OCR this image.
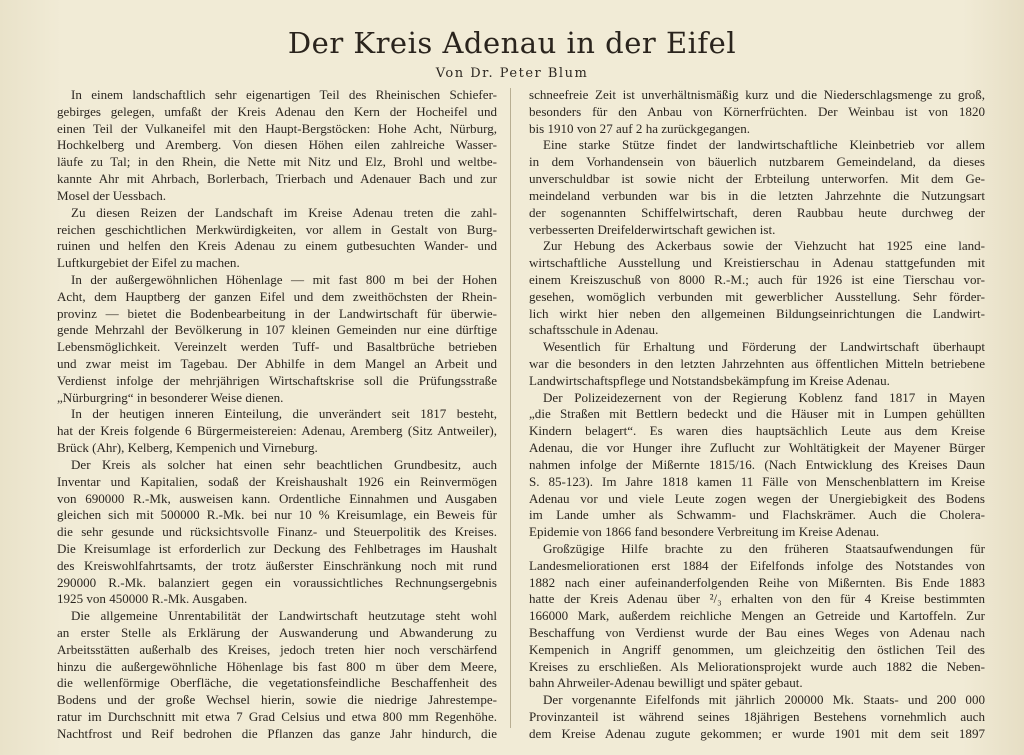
Der Kreis Adenau in der Eifel
Von Dr. Peter Blum
In einem landschaftlich sehr eigenartigen Teil des Rheinischen Schiefer-
gebirges gelegen, umfaßt der Kreis Adenau den Kern der Hocheifel und
einen Teil der Vulkaneifel mit den Haupt-Bergstöcken: Hohe Acht, Nürburg,
Hochkelberg und Aremberg. Von diesen Höhen eilen zahlreiche Wasser-
läufe zu Tal; in den Rhein, die Nette mit Nitz und Elz, Brohl und weltbe-
kannte Ahr mit Ahrbach, Borlerbach, Trierbach und Adenauer Bach und zur
Mosel der Uessbach.
Zu diesen Reizen der Landschaft im Kreise Adenau treten die zahl-
reichen geschichtlichen Merkwürdigkeiten, vor allem in Gestalt von Burg-
ruinen und helfen den Kreis Adenau zu einem gutbesuchten Wander- und
Luftkurgebiet der Eifel zu machen.
In der außergewöhnlichen Höhenlage — mit fast 800 m bei der Hohen
Acht, dem Hauptberg der ganzen Eifel und dem zweithöchsten der Rhein-
provinz — bietet die Bodenbearbeitung in der Landwirtschaft für überwie-
gende Mehrzahl der Bevölkerung in 107 kleinen Gemeinden nur eine dürftige
Lebensmöglichkeit. Vereinzelt werden Tuff- und Basaltbrüche betrieben
und zwar meist im Tagebau. Der Abhilfe in dem Mangel an Arbeit und
Verdienst infolge der mehrjährigen Wirtschaftskrise soll die Prüfungsstraße
„Nürburgring“ in besonderer Weise dienen.
In der heutigen inneren Einteilung, die unverändert seit 1817 besteht,
hat der Kreis folgende 6 Bürgermeistereien: Adenau, Aremberg (Sitz Antweiler),
Brück (Ahr), Kelberg, Kempenich und Virneburg.
Der Kreis als solcher hat einen sehr beachtlichen Grundbesitz, auch
Inventar und Kapitalien, sodaß der Kreishaushalt 1926 ein Reinvermögen
von 690000 R.-Mk, ausweisen kann. Ordentliche Einnahmen und Ausgaben
gleichen sich mit 500000 R.-Mk. bei nur 10 % Kreisumlage, ein Beweis für
die sehr gesunde und rücksichtsvolle Finanz- und Steuerpolitik des Kreises.
Die Kreisumlage ist erforderlich zur Deckung des Fehlbetrages im Haushalt
des Kreiswohlfahrtsamts, der trotz äußerster Einschränkung noch mit rund
290000 R.-Mk. balanziert gegen ein voraussichtliches Rechnungsergebnis
1925 von 450000 R.-Mk. Ausgaben.
Die allgemeine Unrentabilität der Landwirtschaft heutzutage steht wohl
an erster Stelle als Erklärung der Auswanderung und Abwanderung zu
Arbeitsstätten außerhalb des Kreises, jedoch treten hier noch verschärfend
hinzu die außergewöhnliche Höhenlage bis fast 800 m über dem Meere,
die wellenförmige Oberfläche, die vegetationsfeindliche Beschaffenheit des
Bodens und der große Wechsel hierin, sowie die niedrige Jahrestempe-
ratur im Durchschnitt mit etwa 7 Grad Celsius und etwa 800 mm Regenhöhe.
Nachtfrost und Reif bedrohen die Pflanzen das ganze Jahr hindurch, die
schneefreie Zeit ist unverhältnismäßig kurz und die Niederschlagsmenge zu groß,
besonders für den Anbau von Körnerfrüchten. Der Weinbau ist von 1820
bis 1910 von 27 auf 2 ha zurückgegangen.
Eine starke Stütze findet der landwirtschaftliche Kleinbetrieb vor allem
in dem Vorhandensein von bäuerlich nutzbarem Gemeindeland, da dieses
unverschuldbar ist sowie nicht der Erbteilung unterworfen. Mit dem Ge-
meindeland verbunden war bis in die letzten Jahrzehnte die Nutzungsart
der sogenannten Schiffelwirtschaft, deren Raubbau heute durchweg der
verbesserten Dreifelderwirtschaft gewichen ist.
Zur Hebung des Ackerbaus sowie der Viehzucht hat 1925 eine land-
wirtschaftliche Ausstellung und Kreistierschau in Adenau stattgefunden mit
einem Kreiszuschuß von 8000 R.-M.; auch für 1926 ist eine Tierschau vor-
gesehen, womöglich verbunden mit gewerblicher Ausstellung. Sehr förder-
lich wirkt hier neben den allgemeinen Bildungseinrichtungen die Landwirt-
schaftsschule in Adenau.
Wesentlich für Erhaltung und Förderung der Landwirtschaft überhaupt
war die besonders in den letzten Jahrzehnten aus öffentlichen Mitteln betriebene
Landwirtschaftspflege und Notstandsbekämpfung im Kreise Adenau.
Der Polizeidezernent von der Regierung Koblenz fand 1817 in Mayen
„die Straßen mit Bettlern bedeckt und die Häuser mit in Lumpen gehüllten
Kindern belagert“. Es waren dies hauptsächlich Leute aus dem Kreise
Adenau, die vor Hunger ihre Zuflucht zur Wohltätigkeit der Mayener Bürger
nahmen infolge der Mißernte 1815/16. (Nach Entwicklung des Kreises Daun
S. 85-123). Im Jahre 1818 kamen 11 Fälle von Menschenblattern im Kreise
Adenau vor und viele Leute zogen wegen der Unergiebigkeit des Bodens
im Lande umher als Schwamm- und Flachskrämer. Auch die Cholera-
Epidemie von 1866 fand besondere Verbreitung im Kreise Adenau.
Großzügige Hilfe brachte zu den früheren Staatsaufwendungen für
Landesmeliorationen erst 1884 der Eifelfonds infolge des Notstandes von
1882 nach einer aufeinanderfolgenden Reihe von Mißernten. Bis Ende 1883
hatte der Kreis Adenau über ²/₃ erhalten von den für 4 Kreise bestimmten
166000 Mark, außerdem reichliche Mengen an Getreide und Kartoffeln. Zur
Beschaffung von Verdienst wurde der Bau eines Weges von Adenau nach
Kempenich in Angriff genommen, um gleichzeitig den östlichen Teil des
Kreises zu erschließen. Als Meliorationsprojekt wurde auch 1882 die Neben-
bahn Ahrweiler-Adenau bewilligt und später gebaut.
Der vorgenannte Eifelfonds mit jährlich 200000 Mk. Staats- und 200 000
Provinzanteil ist während seines 18jährigen Bestehens vornehmlich auch
dem Kreise Adenau zugute gekommen; er wurde 1901 mit dem seit 1897
